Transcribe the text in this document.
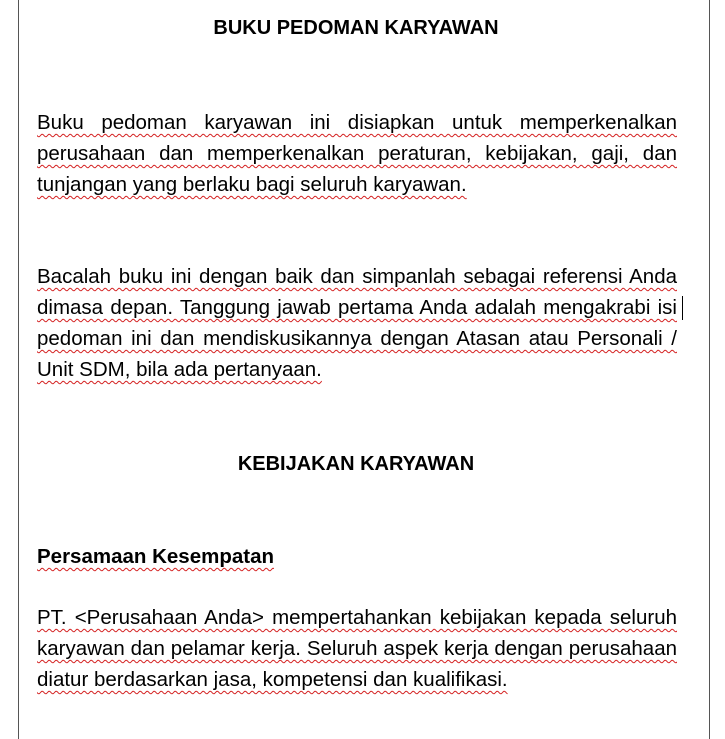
BUKU PEDOMAN KARYAWAN
Buku pedoman karyawan ini disiapkan untuk memperkenalkan perusahaan dan memperkenalkan peraturan, kebijakan, gaji, dan tunjangan yang berlaku bagi seluruh karyawan.
Bacalah buku ini dengan baik dan simpanlah sebagai referensi Anda dimasa depan. Tanggung jawab pertama Anda adalah mengakrabi isi pedoman ini dan mendiskusikannya dengan Atasan atau Personali / Unit SDM, bila ada pertanyaan.
KEBIJAKAN KARYAWAN
Persamaan Kesempatan
PT. <Perusahaan Anda> mempertahankan kebijakan kepada seluruh karyawan dan pelamar kerja. Seluruh aspek kerja dengan perusahaan diatur berdasarkan jasa, kompetensi dan kualifikasi.
